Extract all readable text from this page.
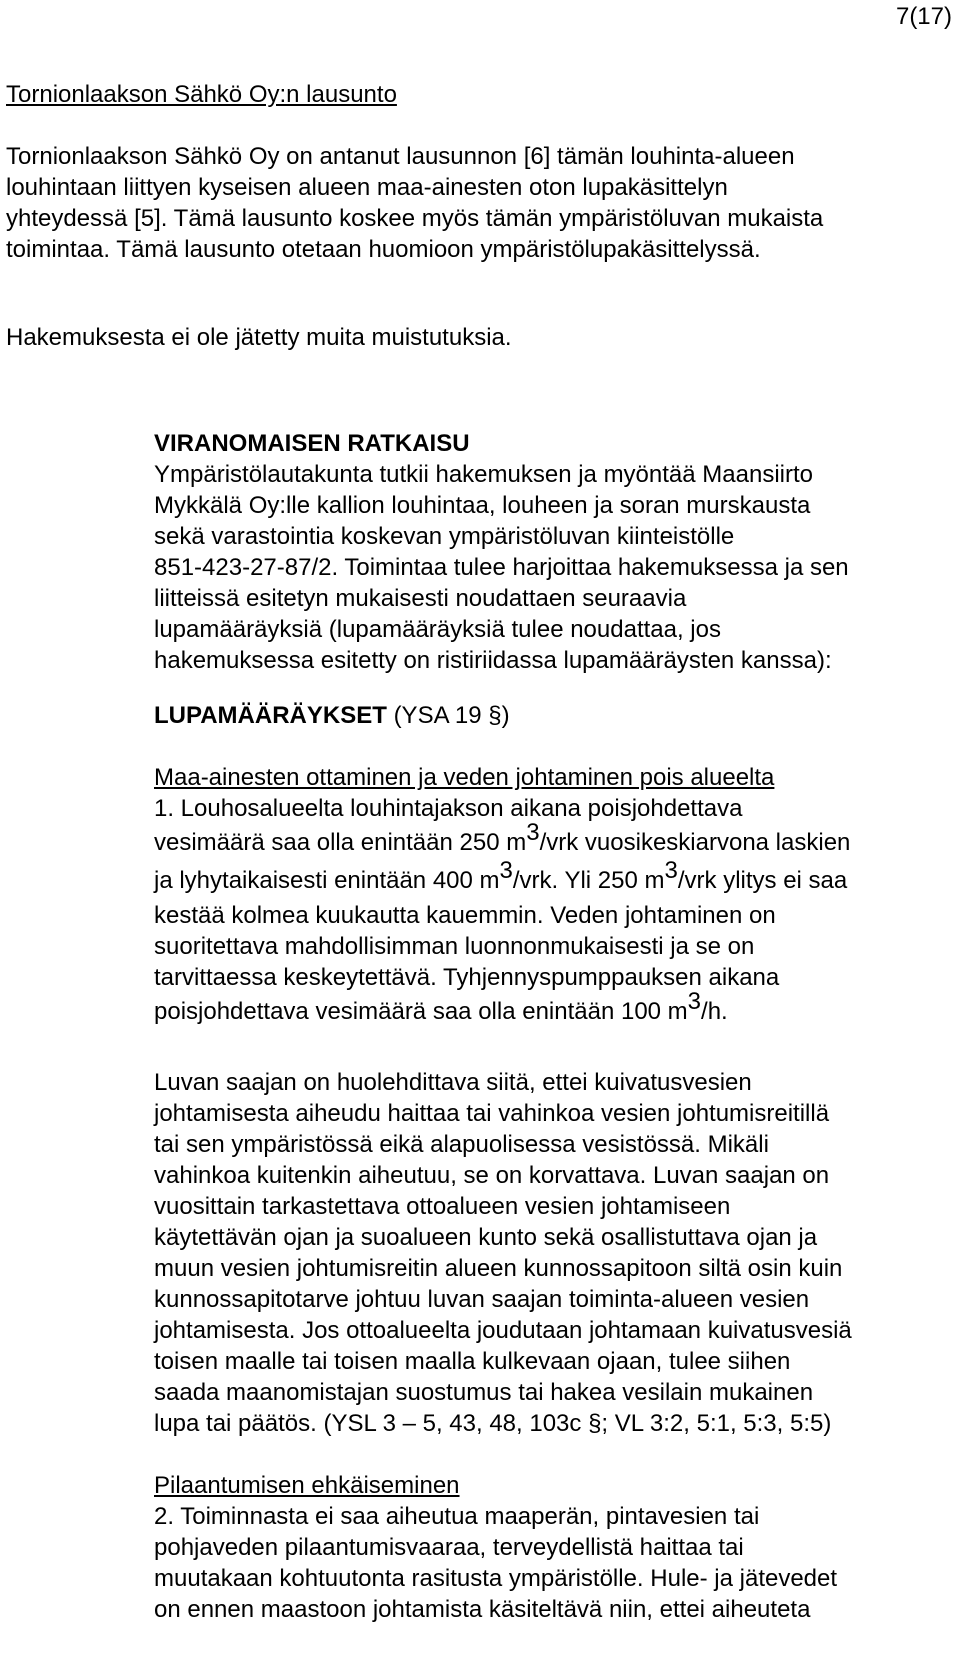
7(17)
Tornionlaakson Sähkö Oy:n lausunto

Tornionlaakson Sähkö Oy on antanut lausunnon [6] tämän louhinta-alueen
louhintaan liittyen kyseisen alueen maa-ainesten oton lupakäsittelyn
yhteydessä [5]. Tämä lausunto koskee myös tämän ympäristöluvan mukaista
toimintaa. Tämä lausunto otetaan huomioon ympäristölupakäsittelyssä.

Hakemuksesta ei ole jätetty muita muistutuksia.

VIRANOMAISEN RATKAISU

Ympäristölautakunta tutkii hakemuksen ja myöntää Maansiirto
Mykkälä Oy:lle kallion louhintaa, louheen ja soran murskausta
sekä varastointia koskevan ympäristöluvan kiinteistölle
851-423-27-87/2. Toimintaa tulee harjoittaa hakemuksessa ja sen
liitteissä esitetyn mukaisesti noudattaen seuraavia
lupamääräyksiä (lupamääräyksiä tulee noudattaa, jos
hakemuksessa esitetty on ristiriidassa lupamääräysten kanssa):

LUPAMÄÄRÄYKSET (YSA 19 §)
Maa-ainesten ottaminen ja veden johtaminen pois alueelta

1. Louhosalueelta louhintajakson aikana poisjohdettava
vesimäärä saa olla enintään 250 m3/vrk vuosikeskiarvona laskien
ja lyhytaikaisesti enintään 400 m3/vrk. Yli 250 m3/vrk ylitys ei saa
kestää kolmea kuukautta kauemmin. Veden johtaminen on
suoritettava mahdollisimman luonnonmukaisesti ja se on
tarvittaessa keskeytettävä. Tyhjennyspumppauksen aikana
poisjohdettava vesimäärä saa olla enintään 100 m3/h.

Luvan saajan on huolehdittava siitä, ettei kuivatusvesien
johtamisesta aiheudu haittaa tai vahinkoa vesien johtumisreitillä
tai sen ympäristössä eikä alapuolisessa vesistössä. Mikäli
vahinkoa kuitenkin aiheutuu, se on korvattava. Luvan saajan on
vuosittain tarkastettava ottoalueen vesien johtamiseen
käytettävän ojan ja suoalueen kunto sekä osallistuttava ojan ja
muun vesien johtumisreitin alueen kunnossapitoon siltä osin kuin
kunnossapitotarve johtuu luvan saajan toiminta-alueen vesien
johtamisesta. Jos ottoalueelta joudutaan johtamaan kuivatusvesiä
toisen maalle tai toisen maalla kulkevaan ojaan, tulee siihen
saada maanomistajan suostumus tai hakea vesilain mukainen
lupa tai päätös. (YSL 3 – 5, 43, 48, 103c §; VL 3:2, 5:1, 5:3, 5:5)

Pilaantumisen ehkäiseminen

2. Toiminnasta ei saa aiheutua maaperän, pintavesien tai
pohjaveden pilaantumisvaaraa, terveydellistä haittaa tai
muutakaan kohtuutonta rasitusta ympäristölle. Hule- ja jätevedet
on ennen maastoon johtamista käsiteltävä niin, ettei aiheuteta
